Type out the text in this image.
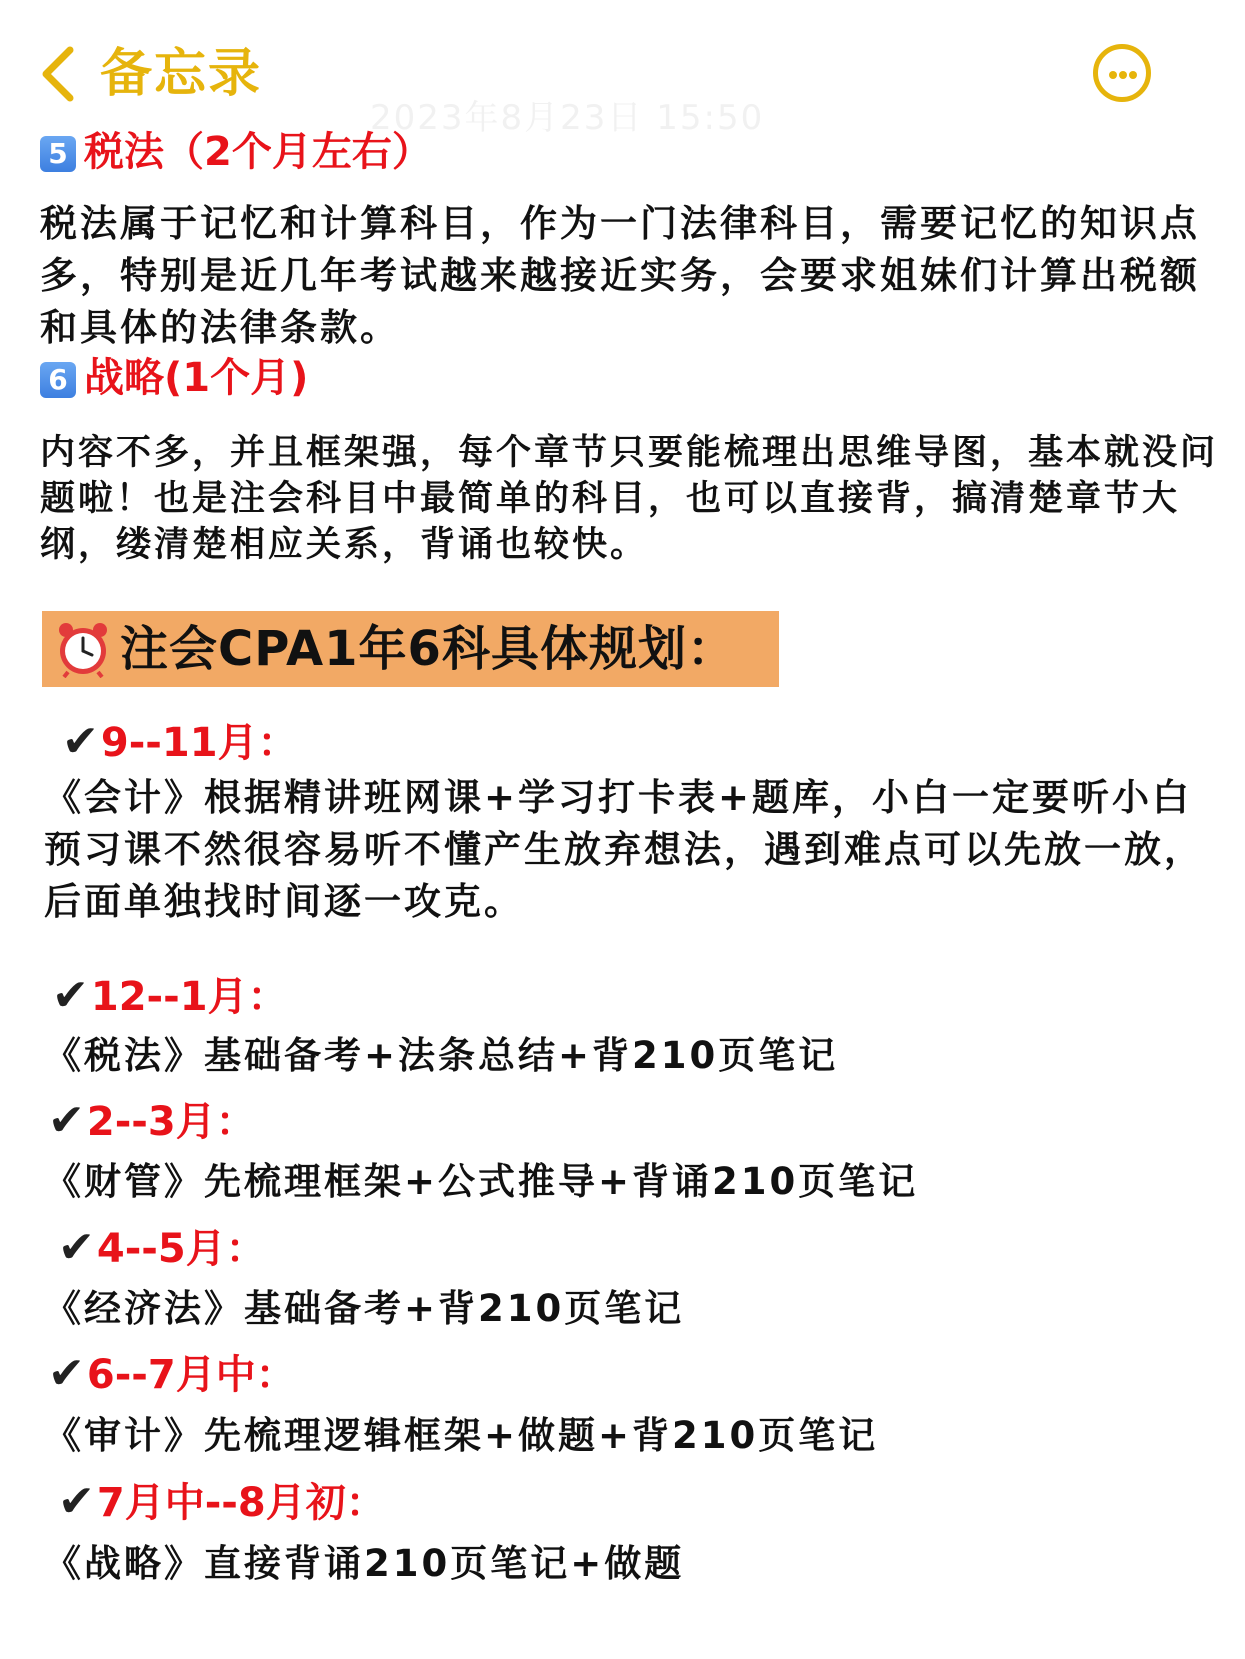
备忘录
2023年8月23日 15:50
5 税法（2个月左右）
税法属于记忆和计算科目，作为一门法律科目，需要记忆的知识点多，特别是近几年考试越来越接近实务，会要求姐妹们计算出税额和具体的法律条款。
6 战略(1个月)
内容不多，并且框架强，每个章节只要能梳理出思维导图，基本就没问题啦！也是注会科目中最简单的科目，也可以直接背，搞清楚章节大纲，缕清楚相应关系，背诵也较快。
注会CPA1年6科具体规划：
✔9--11月：
《会计》根据精讲班网课+学习打卡表+题库，小白一定要听小白预习课不然很容易听不懂产生放弃想法，遇到难点可以先放一放，后面单独找时间逐一攻克。
✔12--1月：
《税法》基础备考+法条总结+背210页笔记
✔2--3月：
《财管》先梳理框架+公式推导+背诵210页笔记
✔4--5月：
《经济法》基础备考+背210页笔记
✔6--7月中：
《审计》先梳理逻辑框架+做题+背210页笔记
✔7月中--8月初：
《战略》直接背诵210页笔记+做题
